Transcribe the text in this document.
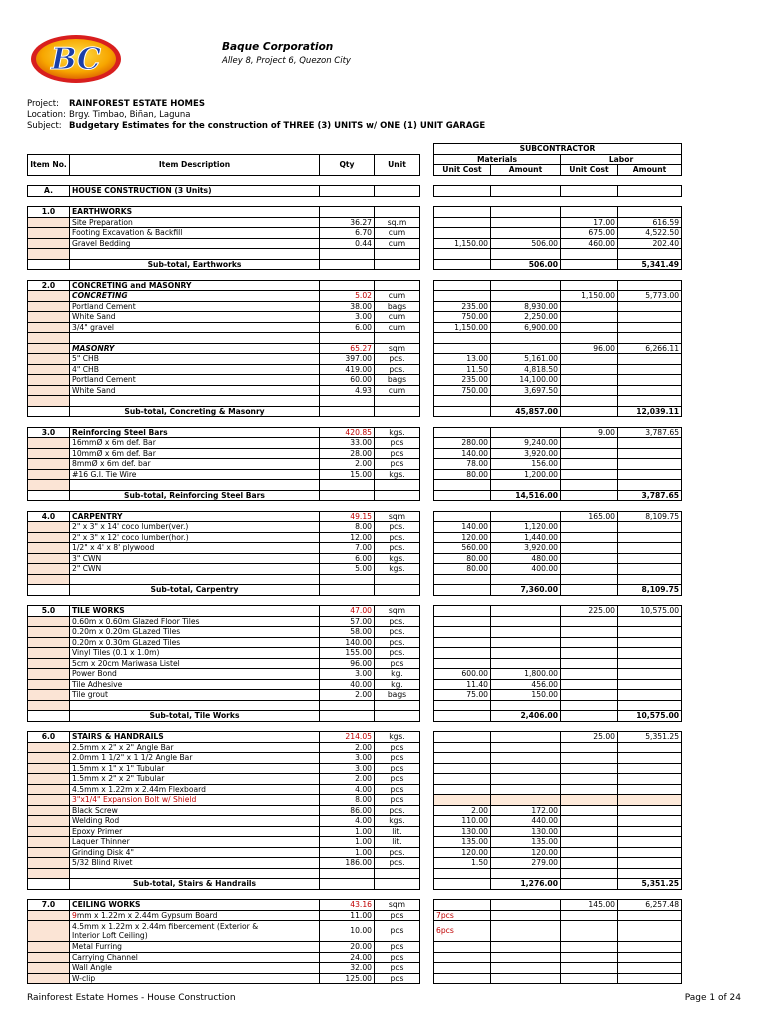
BC	Baque Corporation
Alley 8, Project 6, Quezon City
Project: RAINFOREST ESTATE HOMES
Location: Brgy. Timbao, Biñan, Laguna
Subject: Budgetary Estimates for the construction of THREE (3) UNITS w/ ONE (1) UNIT GARAGE
					SUBCONTRACTOR			
Item No.	Item Description	Qty	Unit		Materials		Labor	
					Unit Cost	Amount	Unit Cost	Amount

A.	HOUSE CONSTRUCTION (3 Units)							

1.0	EARTHWORKS							
	Site Preparation	36.27	sq.m				17.00	616.59
	Footing Excavation & Backfill	6.70	cum				675.00	4,522.50
	Gravel Bedding	0.44	cum		1,150.00	506.00	460.00	202.40

	Sub-total, Earthworks					506.00		5,341.49

2.0	CONCRETING and MASONRY							
	CONCRETING	5.02	cum				1,150.00	5,773.00
	Portland Cement	38.00	bags		235.00	8,930.00		
	White Sand	3.00	cum		750.00	2,250.00		
	3/4" gravel	6.00	cum		1,150.00	6,900.00		

	MASONRY	65.27	sqm				96.00	6,266.11
	5" CHB	397.00	pcs.		13.00	5,161.00		
	4" CHB	419.00	pcs.		11.50	4,818.50		
	Portland Cement	60.00	bags		235.00	14,100.00		
	White Sand	4.93	cum		750.00	3,697.50		

	Sub-total, Concreting & Masonry					45,857.00		12,039.11

3.0	Reinforcing Steel Bars	420.85	kgs.				9.00	3,787.65
	16mmØ x 6m def. Bar	33.00	pcs		280.00	9,240.00		
	10mmØ x 6m def. Bar	28.00	pcs		140.00	3,920.00		
	8mmØ x 6m def. bar	2.00	pcs		78.00	156.00		
	#16 G.I. Tie Wire	15.00	kgs.		80.00	1,200.00		

	Sub-total, Reinforcing Steel Bars					14,516.00		3,787.65

4.0	CARPENTRY	49.15	sqm				165.00	8,109.75
	2" x 3" x 14' coco lumber(ver.)	8.00	pcs.		140.00	1,120.00		
	2" x 3" x 12' coco lumber(hor.)	12.00	pcs.		120.00	1,440.00		
	1/2" x 4' x 8' plywood	7.00	pcs.		560.00	3,920.00		
	3" CWN	6.00	kgs.		80.00	480.00		
	2" CWN	5.00	kgs.		80.00	400.00		

	Sub-total, Carpentry					7,360.00		8,109.75

5.0	TILE WORKS	47.00	sqm				225.00	10,575.00
	0.60m x 0.60m Glazed Floor Tiles	57.00	pcs.					
	0.20m x 0.20m GLazed Tiles	58.00	pcs.					
	0.20m x 0.30m GLazed Tiles	140.00	pcs.					
	Vinyl Tiles (0.1 x 1.0m)	155.00	pcs.					
	5cm x 20cm Mariwasa Listel	96.00	pcs					
	Power Bond	3.00	kg.		600.00	1,800.00		
	Tile Adhesive	40.00	kg.		11.40	456.00		
	Tile grout	2.00	bags		75.00	150.00		

	Sub-total, Tile Works					2,406.00		10,575.00

6.0	STAIRS & HANDRAILS	214.05	kgs.				25.00	5,351.25
	2.5mm x 2" x 2" Angle Bar	2.00	pcs					
	2.0mm 1 1/2" x 1 1/2 Angle Bar	3.00	pcs					
	1.5mm x 1" x 1" Tubular	3.00	pcs					
	1.5mm x 2" x 2" Tubular	2.00	pcs					
	4.5mm x 1.22m x 2.44m Flexboard	4.00	pcs					
	3"x1/4" Expansion Bolt w/ Shield	8.00	pcs					
	Black Screw	86.00	pcs.		2.00	172.00		
	Welding Rod	4.00	kgs.		110.00	440.00		
	Epoxy Primer	1.00	lit.		130.00	130.00		
	Laquer Thinner	1.00	lit.		135.00	135.00		
	Grinding Disk 4"	1.00	pcs.		120.00	120.00		
	5/32 Blind Rivet	186.00	pcs.		1.50	279.00		

	Sub-total, Stairs & Handrails					1,276.00		5,351.25

7.0	CEILING WORKS	43.16	sqm				145.00	6,257.48
	9mm x 1.22m x 2.44m Gypsum Board	11.00	pcs		7pcs			
	4.5mm x 1.22m x 2.44m fibercement (Exterior &
Interior Loft Ceiling)	10.00	pcs		6pcs			
	Metal Furring	20.00	pcs					
	Carrying Channel	24.00	pcs					
	Wall Angle	32.00	pcs					
	W-clip	125.00	pcs					
Rainforest Estate Homes - House Construction	Page 1 of 24
